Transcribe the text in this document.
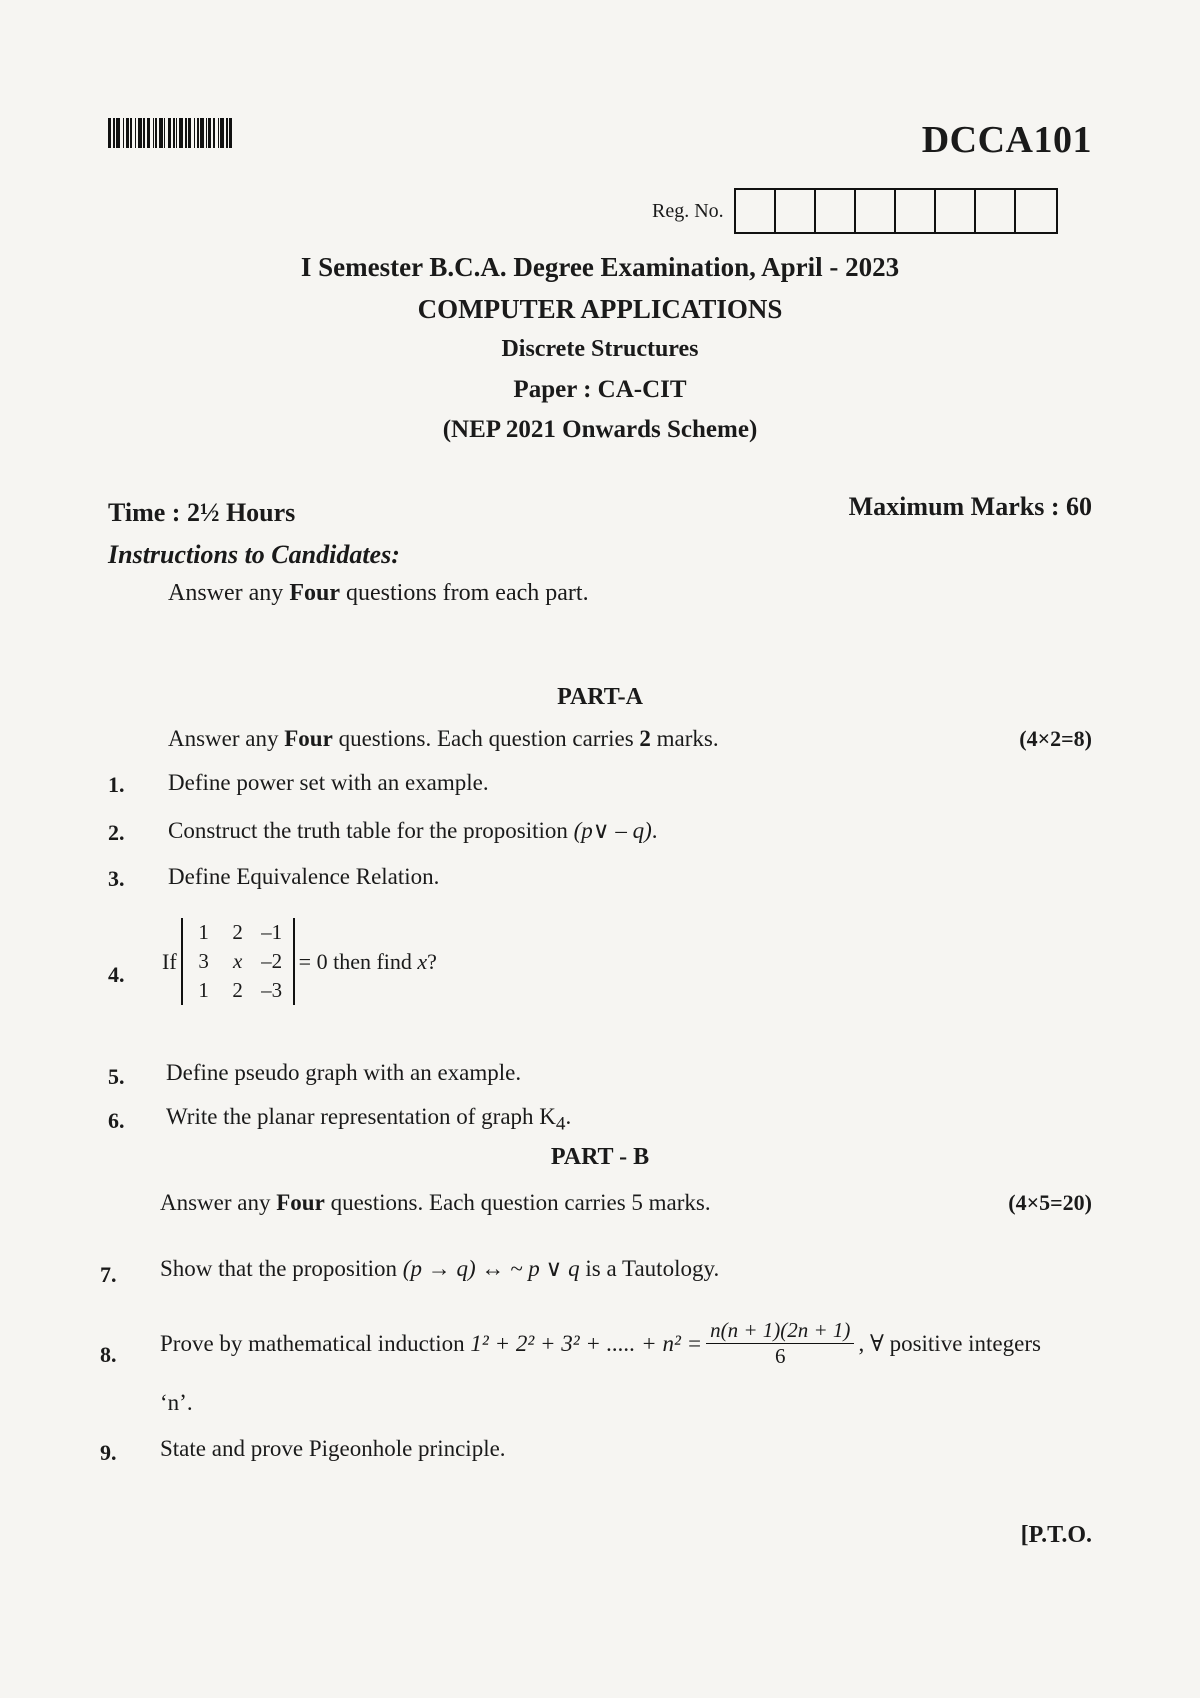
DCCA101
Reg. No.
I Semester B.C.A. Degree Examination, April - 2023
COMPUTER APPLICATIONS
Discrete Structures
Paper : CA-CIT
(NEP 2021 Onwards Scheme)
Time : 2½ Hours	Maximum Marks : 60
Instructions to Candidates:
Answer any Four questions from each part.
PART-A
Answer any Four questions. Each question carries 2 marks.	(4×2=8)
1. Define power set with an example.
2. Construct the truth table for the proposition (p∨ – q).
3. Define Equivalence Relation.
4.
If
1	2 –1
3	x –2
1	2 –3
= 0
then find
x ?
5. Define pseudo graph with an example.
6. Write the planar representation of graph $K_4$.
PART - B
Answer any Four questions. Each question carries 5 marks.	(4×5=20)
7. Show that the proposition (p → q) ↔ ~ p ∨ q is a Tautology.
8. Prove by mathematical induction
1² + 2² + 3² + ..... + $n^2 = \frac{n(n + 1)(2n + 1)}{6}$ , ∀ positive integers
‘n’.
9. State and prove Pigeonhole principle.
[P.T.O.
